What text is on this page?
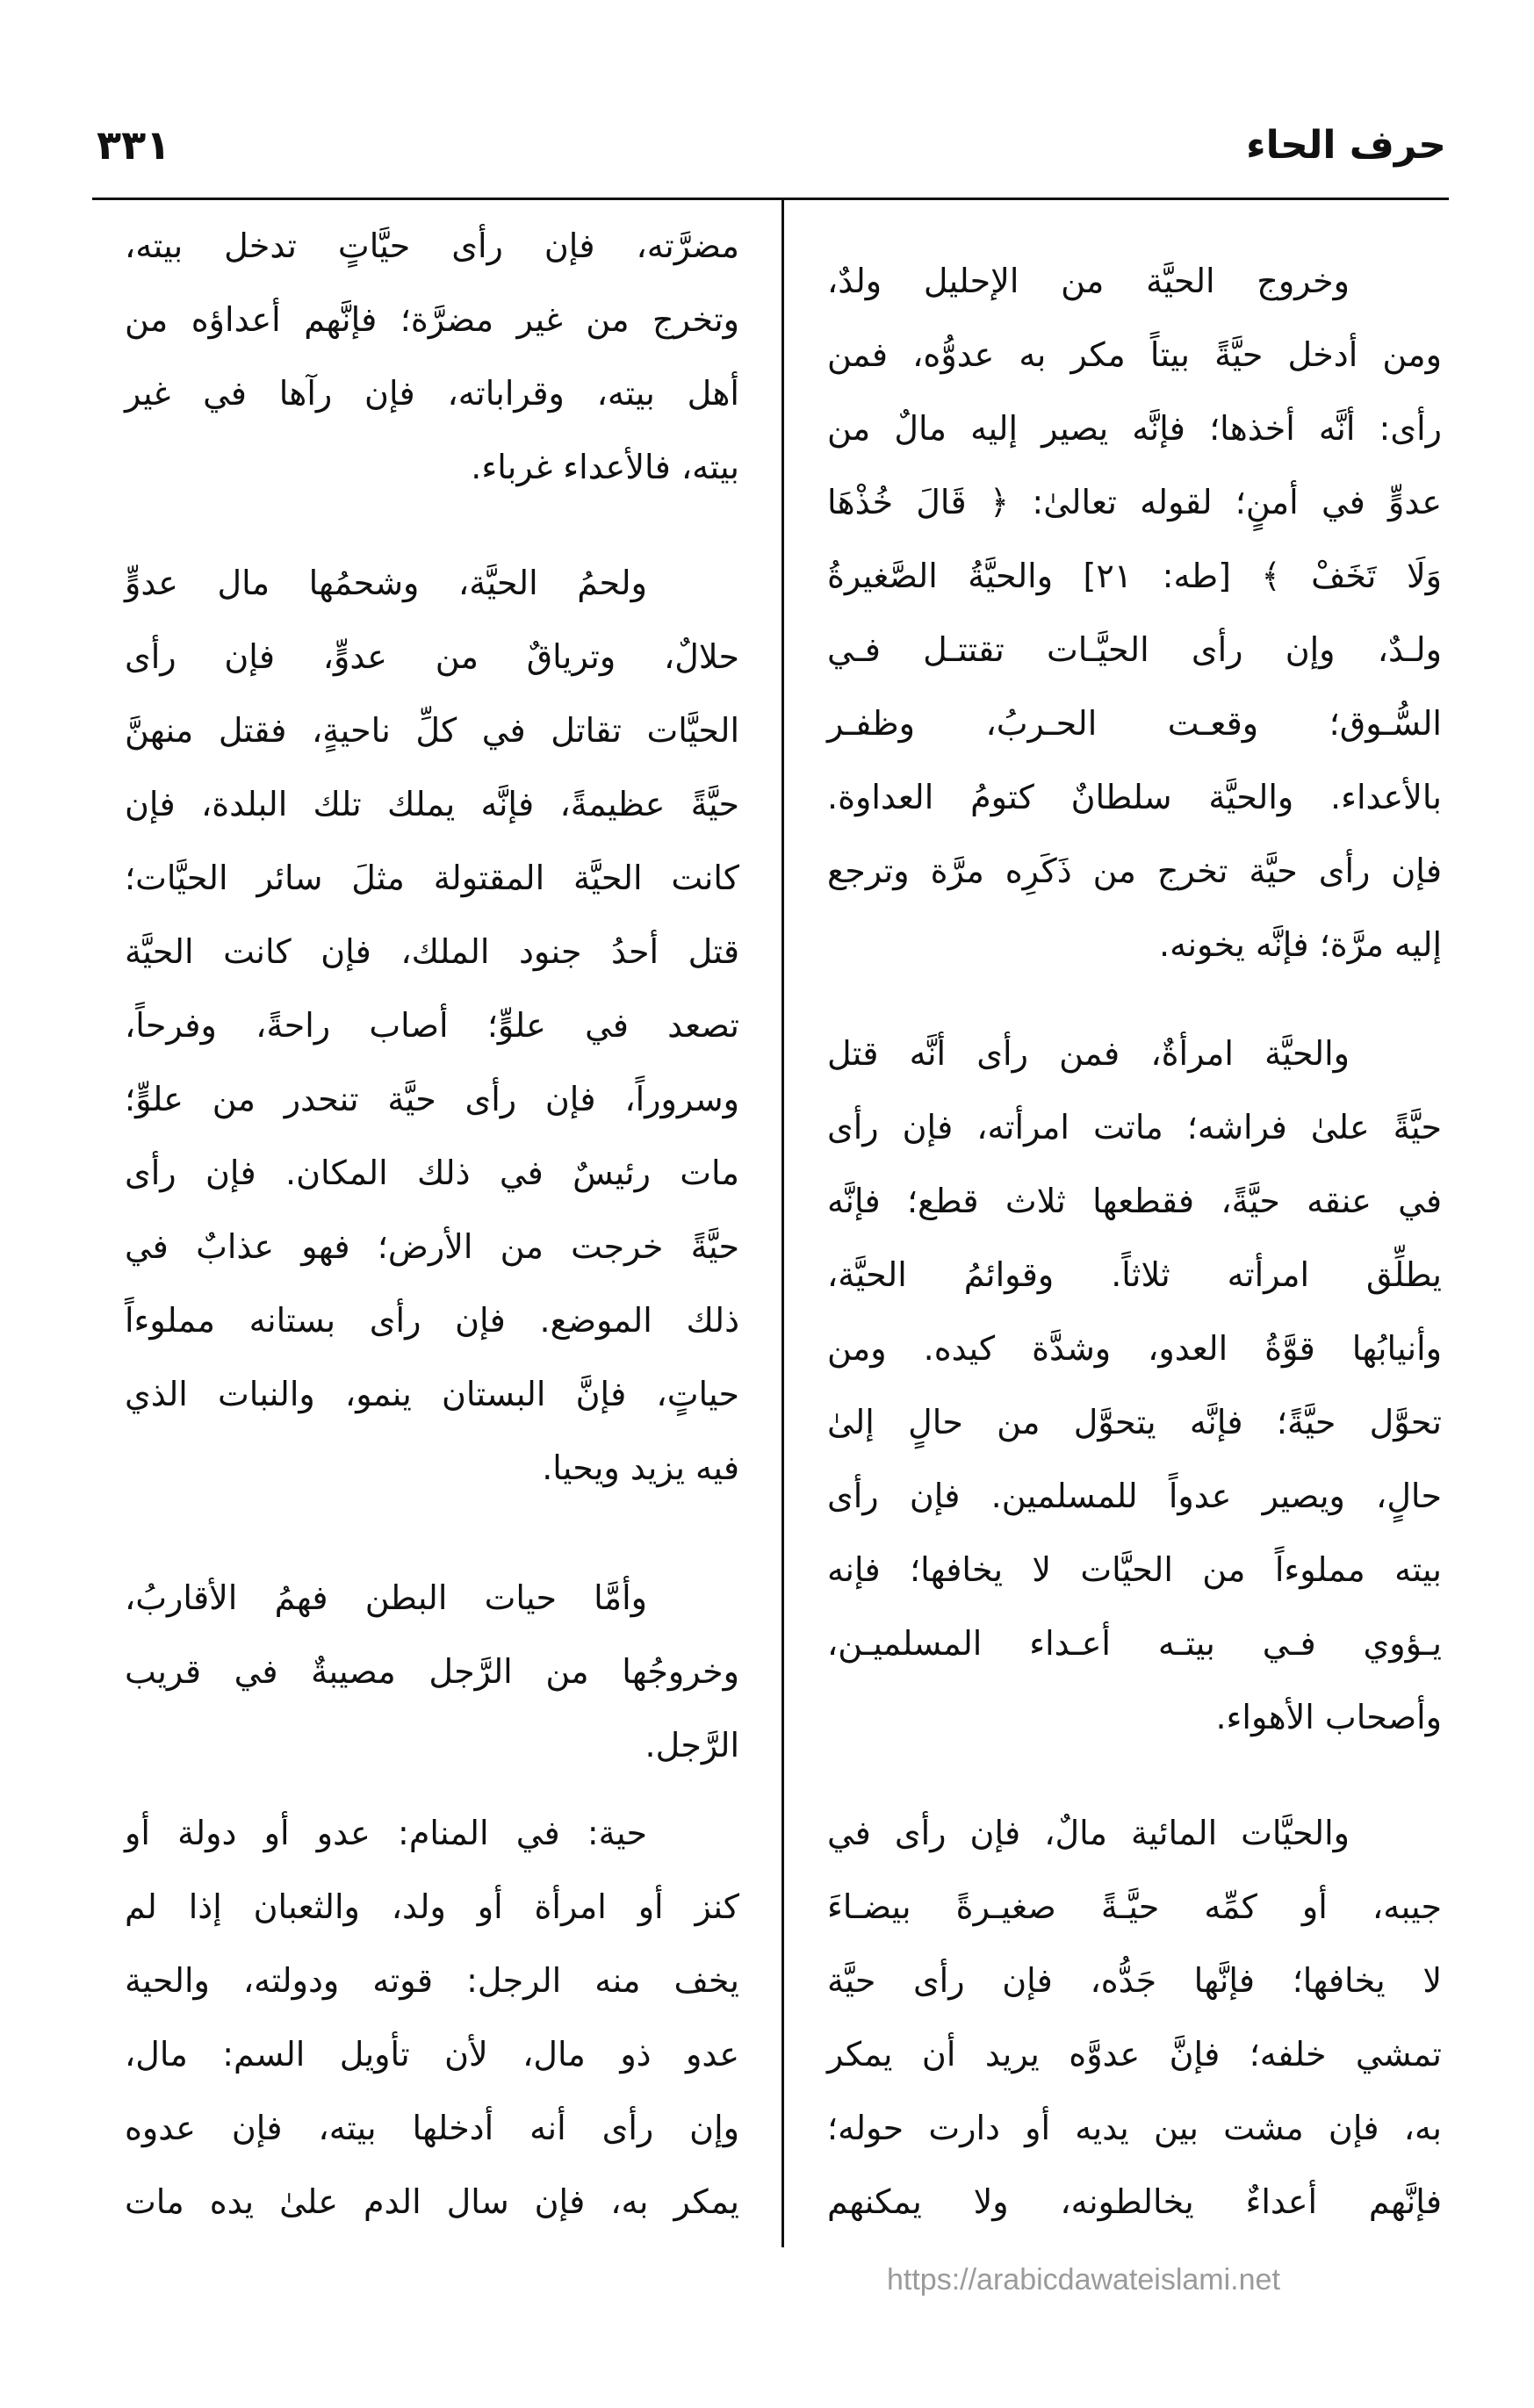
حرف الحاء
٣٣١
وخروج الحيَّة من الإحليل ولدٌ،
ومن أدخل حيَّةً بيتاً مكر به عدوُّه، فمن
رأى: أنَّه أخذها؛ فإنَّه يصير إليه مالٌ من
عدوٍّ في أمنٍ؛ لقوله تعالىٰ: ﴿ قَالَ خُذْهَا
وَلَا تَخَفْ ﴾ [طه: ٢١] والحيَّةُ الصَّغيرةُ
ولـدٌ، وإن رأى الحيَّـات تقتتـل فـي
السُّـوق؛ وقعـت الحـربُ، وظفـر
بالأعداء. والحيَّة سلطانٌ كتومُ العداوة.
فإن رأى حيَّة تخرج من ذَكَرِه مرَّة وترجع
إليه مرَّة؛ فإنَّه يخونه.
والحيَّة امرأةٌ، فمن رأى أنَّه قتل
حيَّةً علىٰ فراشه؛ ماتت امرأته، فإن رأى
في عنقه حيَّةً، فقطعها ثلاث قطع؛ فإنَّه
يطلِّق امرأته ثلاثاً. وقوائمُ الحيَّة،
وأنيابُها قوَّةُ العدو، وشدَّة كيده. ومن
تحوَّل حيَّةً؛ فإنَّه يتحوَّل من حالٍ إلىٰ
حالٍ، ويصير عدواً للمسلمين. فإن رأى
بيته مملوءاً من الحيَّات لا يخافها؛ فإنه
يـؤوي فـي بيتـه أعـداء المسلميـن،
وأصحاب الأهواء.
والحيَّات المائية مالٌ، فإن رأى في
جيبه، أو كمِّه حيَّـةً صغيـرةً بيضـاءَ
لا يخافها؛ فإنَّها جَدُّه، فإن رأى حيَّة
تمشي خلفه؛ فإنَّ عدوَّه يريد أن يمكر
به، فإن مشت بين يديه أو دارت حوله؛
فإنَّهم أعداءٌ يخالطونه، ولا يمكنهم
مضرَّته، فإن رأى حيَّاتٍ تدخل بيته،
وتخرج من غير مضرَّة؛ فإنَّهم أعداؤه من
أهل بيته، وقراباته، فإن رآها في غير
بيته، فالأعداء غرباء.
ولحمُ الحيَّة، وشحمُها مال عدوٍّ
حلالٌ، وترياقٌ من عدوٍّ، فإن رأى
الحيَّات تقاتل في كلِّ ناحيةٍ، فقتل منهنَّ
حيَّةً عظيمةً، فإنَّه يملك تلك البلدة، فإن
كانت الحيَّة المقتولة مثلَ سائر الحيَّات؛
قتل أحدُ جنود الملك، فإن كانت الحيَّة
تصعد في علوٍّ؛ أصاب راحةً، وفرحاً،
وسروراً، فإن رأى حيَّة تنحدر من علوٍّ؛
مات رئيسٌ في ذلك المكان. فإن رأى
حيَّةً خرجت من الأرض؛ فهو عذابٌ في
ذلك الموضع. فإن رأى بستانه مملوءاً
حياتٍ، فإنَّ البستان ينمو، والنبات الذي
فيه يزيد ويحيا.
وأمَّا حيات البطن فهمُ الأقاربُ،
وخروجُها من الرَّجل مصيبةٌ في قريب
الرَّجل.
حية: في المنام: عدو أو دولة أو
كنز أو امرأة أو ولد، والثعبان إذا لم
يخف منه الرجل: قوته ودولته، والحية
عدو ذو مال، لأن تأويل السم: مال،
وإن رأى أنه أدخلها بيته، فإن عدوه
يمكر به، فإن سال الدم علىٰ يده مات
https://arabicdawateislami.net
